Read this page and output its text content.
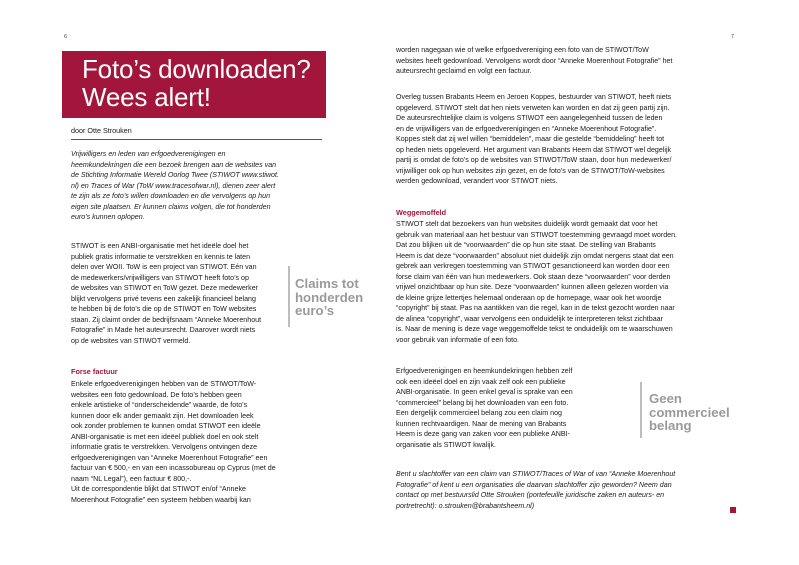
6	7
Foto’s downloaden?
Wees alert!
door Otte Strouken

Vrijwilligers en leden van erfgoedverenigingen en
heemkundekringen die een bezoek brengen aan de websites van
de Stichting Informatie Wereld Oorlog Twee (STIWOT www.stiwot.
nl) en Traces of War (ToW www.tracesofwar.nl), dienen zeer alert
te zijn als ze foto’s willen downloaden en die vervolgens op hun
eigen site plaatsen. Er kunnen claims volgen, die tot honderden
euro’s kunnen oplopen.

STIWOT is een ANBI-organisatie met het ideële doel het
publiek gratis informatie te verstrekken en kennis te laten
delen over WOII. ToW is een project van STIWOT. Eén van
de medewerkers/vrijwilligers van STIWOT heeft foto’s op
de websites van STIWOT en ToW gezet. Deze medewerker
blijkt vervolgens privé tevens een zakelijk financieel belang
te hebben bij de foto’s die op de STIWOT en ToW websites
staan. Zij claimt onder de bedrijfsnaam “Anneke Moerenhout
Fotografie” in Made het auteursrecht. Daarover wordt niets
op de websites van STIWOT vermeld.

Forse factuur

Enkele erfgoedverenigingen hebben van de STIWOT/ToW-
websites een foto gedownload. De foto’s hebben geen
enkele artistieke of “onderscheidende” waarde, de foto’s
kunnen door elk ander gemaakt zijn. Het downloaden leek
ook zonder problemen te kunnen omdat STIWOT een ideële
ANBI-organisatie is met een ideëel publiek doel en ook stelt
informatie gratis te verstrekken. Vervolgens ontvingen deze
erfgoedverenigingen van “Anneke Moerenhout Fotografie” een
factuur van € 500,- en van een incassobureau op Cyprus (met de
naam “NL Legal”), een factuur € 800,-.
Uit de correspondentie blijkt dat STIWOT en/of “Anneke
Moerenhout Fotografie” een systeem hebben waarbij kan

Claims tot
honderden
euro’s

worden nagegaan wie of welke erfgoedvereniging een foto van de STIWOT/ToW
websites heeft gedownload. Vervolgens wordt door “Anneke Moerenhout Fotografie” het
auteursrecht geclaimd en volgt een factuur.

Overleg tussen Brabants Heem en Jeroen Koppes, bestuurder van STIWOT, heeft niets
opgeleverd. STIWOT stelt dat hen niets verweten kan worden en dat zij geen partij zijn.
De auteursrechtelijke claim is volgens STIWOT een aangelegenheid tussen de leden
en de vrijwilligers van de erfgoedverenigingen en “Anneke Moerenhout Fotografie”.
Koppes stelt dat zij wel willen “bemiddelen”, maar die gestelde “bemiddeling” heeft tot
op heden niets opgeleverd. Het argument van Brabants Heem dat STIWOT wel degelijk
partij is omdat de foto’s op de websites van STIWOT/ToW staan, door hun medewerker/
vrijwilliger ook op hun websites zijn gezet, en de foto’s van de STIWOT/ToW-websites
werden gedownload, verandert voor STIWOT niets.

Weggemoffeld

STIWOT stelt dat bezoekers van hun websites duidelijk wordt gemaakt dat voor het
gebruik van materiaal aan het bestuur van STIWOT toestemming gevraagd moet worden.
Dat zou blijken uit de “voorwaarden” die op hun site staat. De stelling van Brabants
Heem is dat deze “voorwaarden” absoluut niet duidelijk zijn omdat nergens staat dat een
gebrek aan verkregen toestemming van STIWOT gesanctioneerd kan worden door een
forse claim van één van hun medewerkers. Ook staan deze “voorwaarden” voor derden
vrijwel onzichtbaar op hun site. Deze “voorwaarden” kunnen alleen gelezen worden via
de kleine grijze lettertjes helemaal onderaan op de homepage, waar ook het woordje
“copyright” bij staat. Pas na aantikken van die regel, kan in de tekst gezocht worden naar
de alinea “copyright”, waar vervolgens een onduidelijk te interpreteren tekst zichtbaar
is. Naar de mening is deze vage weggemoffelde tekst te onduidelijk om te waarschuwen
voor gebruik van informatie of een foto.

Erfgoedverenigingen en heemkundekringen hebben zelf
ook een ideëel doel en zijn vaak zelf ook een publieke
ANBI-organisatie. In geen enkel geval is sprake van een
“commercieel” belang bij het downloaden van een foto.
Een dergelijk commercieel belang zou een claim nog
kunnen rechtvaardigen. Naar de mening van Brabants
Heem is deze gang van zaken voor een publieke ANBI-
organisatie als STIWOT kwalijk.

Geen
commercieel
belang

Bent u slachtoffer van een claim van STIWOT/Traces of War of van “Anneke Moerenhout
Fotografie” of kent u een organisaties die daarvan slachtoffer zijn geworden? Neem dan
contact op met bestuurslid Otte Strouken (portefeuille juridische zaken en auteurs- en
portretrecht): o.strouken@brabantsheem.nl)
